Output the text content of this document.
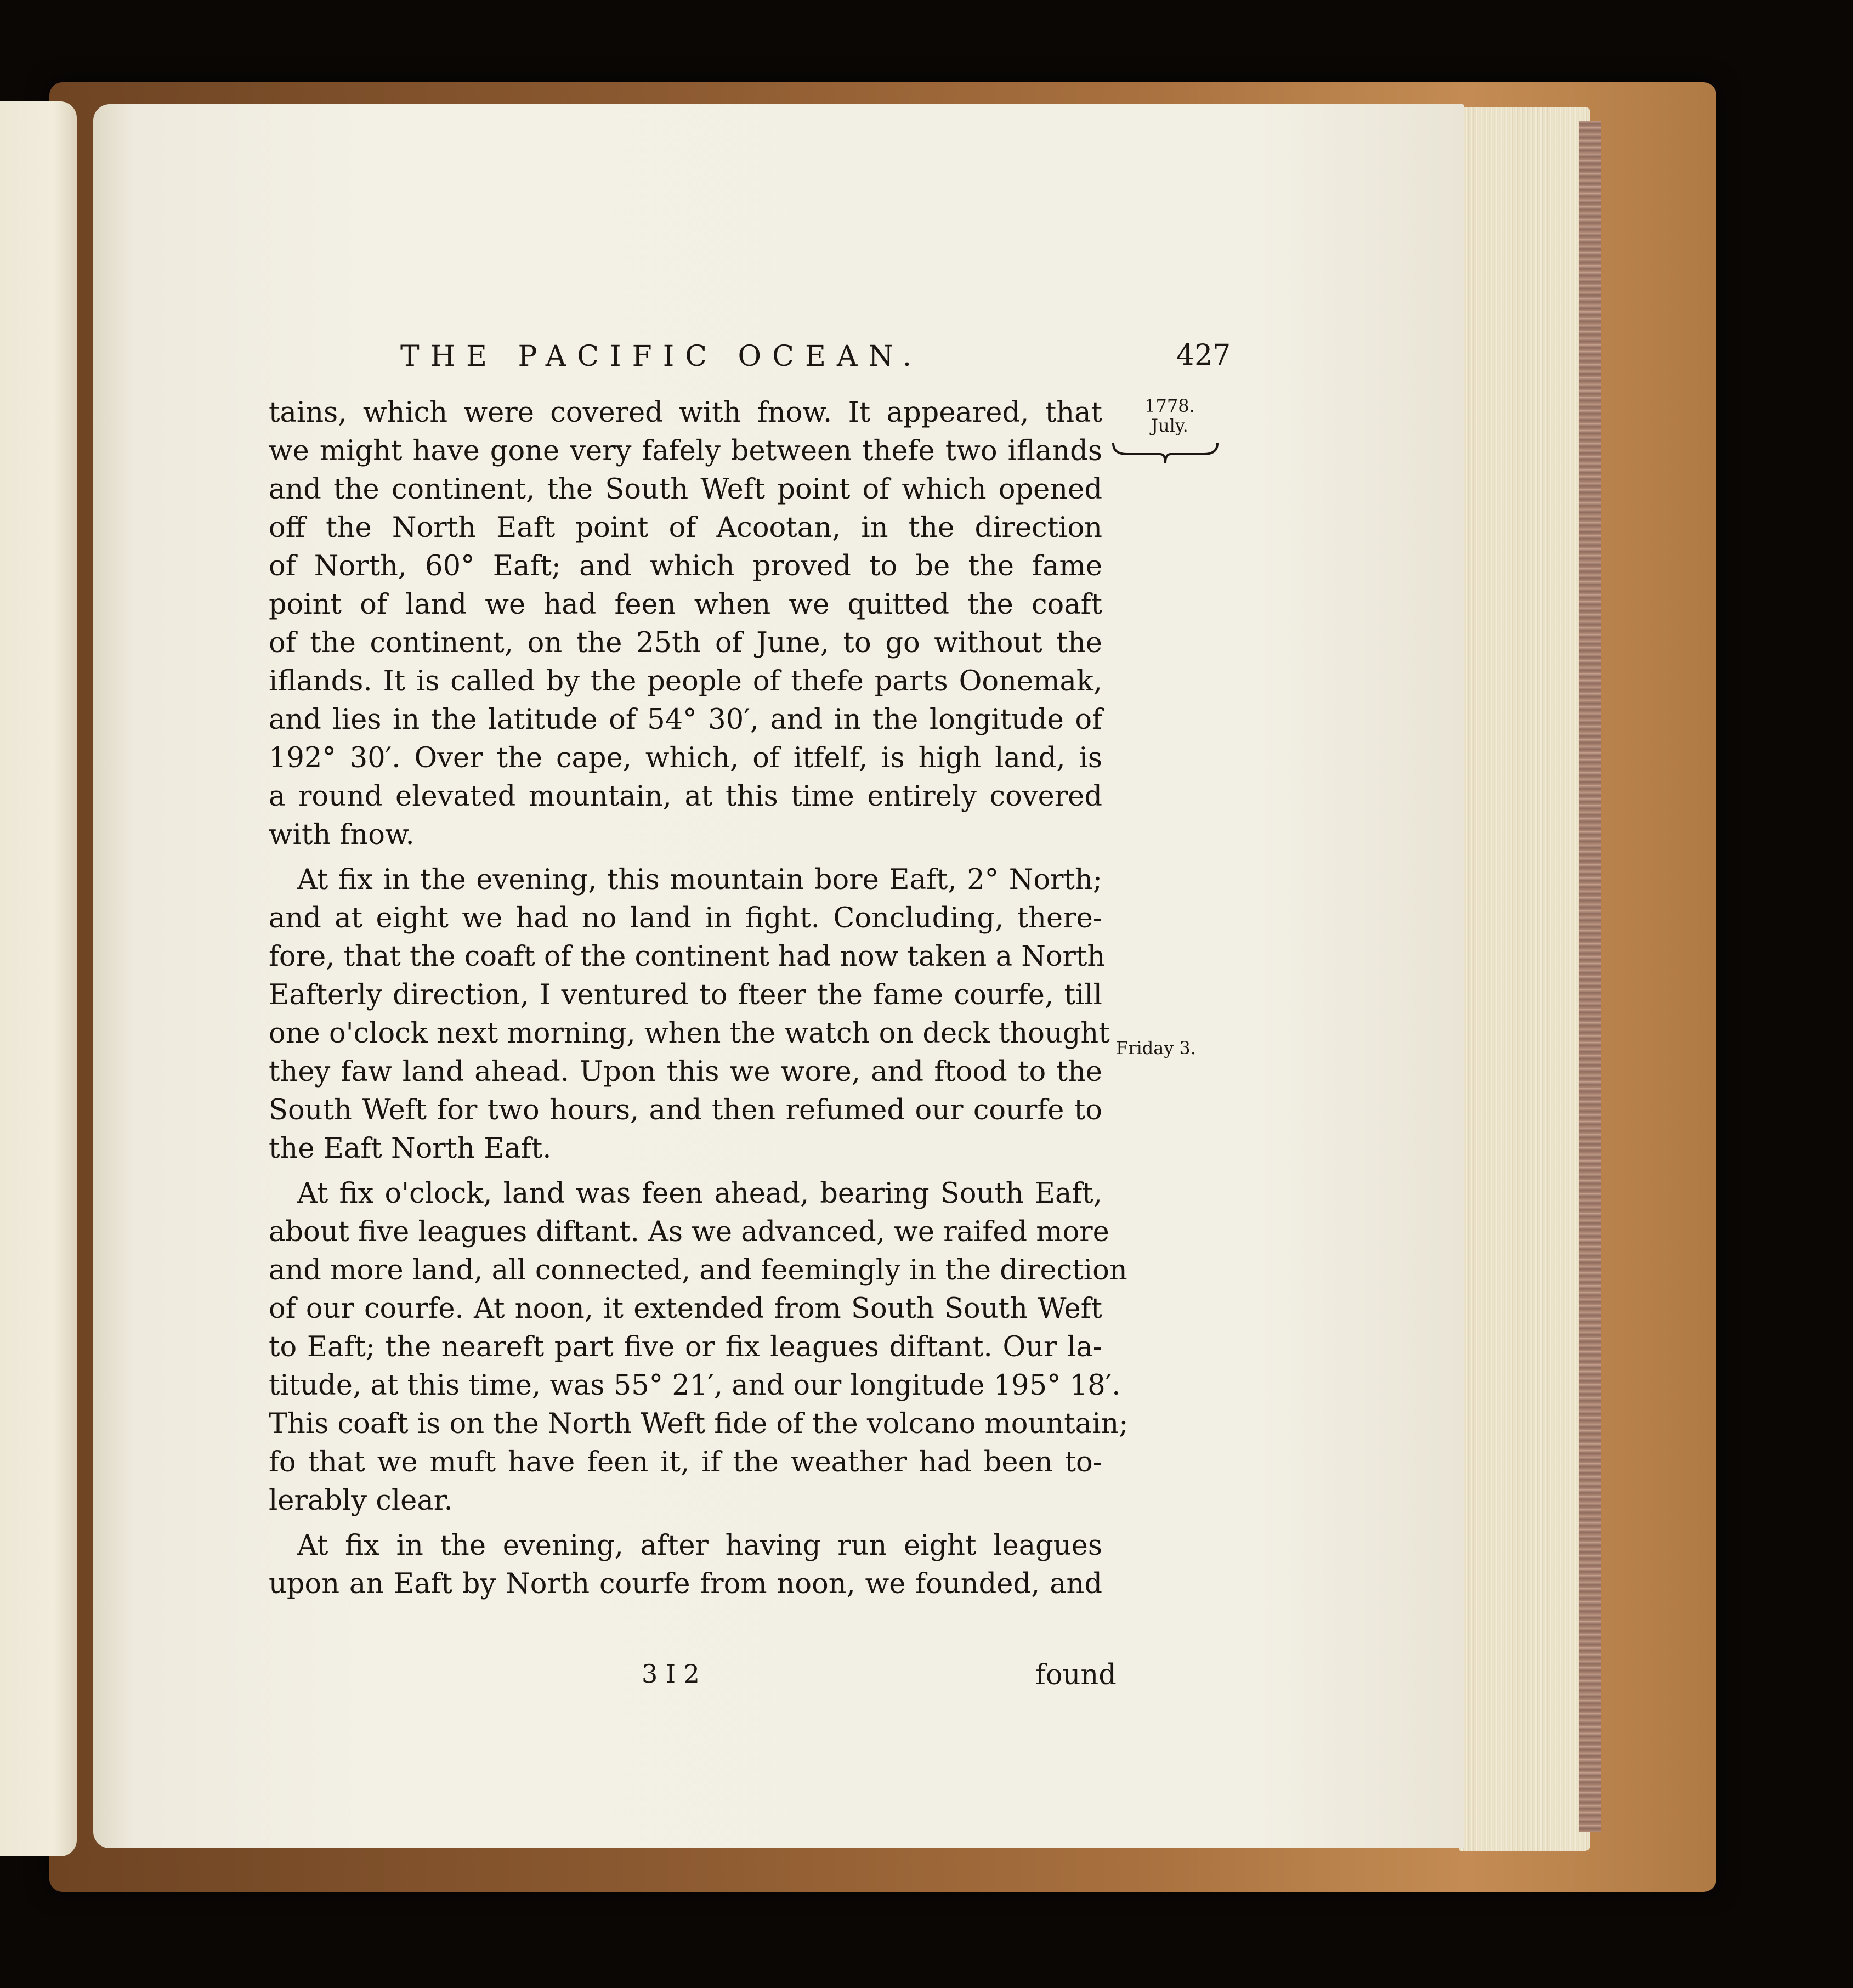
THE PACIFIC OCEAN.	427
1778.
July.
Friday 3.
tains, which were covered with fnow. It appeared, that
we might have gone very fafely between thefe two iflands
and the continent, the South Weft point of which opened
off the North Eaft point of Acootan, in the direction
of North, 60° Eaft; and which proved to be the fame
point of land we had feen when we quitted the coaft
of the continent, on the 25th of June, to go without the
iflands. It is called by the people of thefe parts Oonemak,
and lies in the latitude of 54° 30′, and in the longitude of
192° 30′. Over the cape, which, of itfelf, is high land, is
a round elevated mountain, at this time entirely covered
with fnow.
At fix in the evening, this mountain bore Eaft, 2° North;
and at eight we had no land in fight. Concluding, there-
fore, that the coaft of the continent had now taken a North
Eafterly direction, I ventured to fteer the fame courfe, till
one o'clock next morning, when the watch on deck thought
they faw land ahead. Upon this we wore, and ftood to the
South Weft for two hours, and then refumed our courfe to
the Eaft North Eaft.
At fix o'clock, land was feen ahead, bearing South Eaft,
about five leagues diftant. As we advanced, we raifed more
and more land, all connected, and feemingly in the direction
of our courfe. At noon, it extended from South South Weft
to Eaft; the neareft part five or fix leagues diftant. Our la-
titude, at this time, was 55° 21′, and our longitude 195° 18′.
This coaft is on the North Weft fide of the volcano mountain;
fo that we muft have feen it, if the weather had been to-
lerably clear.
At fix in the evening, after having run eight leagues
upon an Eaft by North courfe from noon, we founded, and
3 I 2	found
